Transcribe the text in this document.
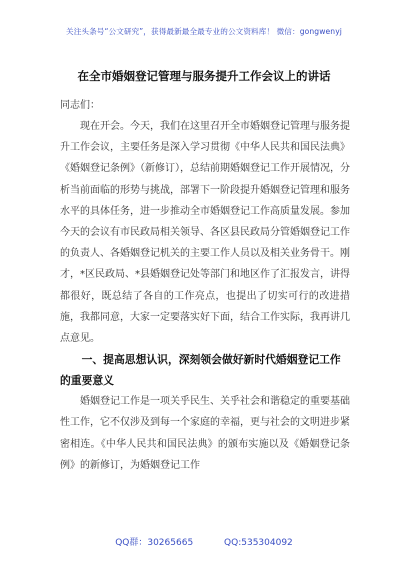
关注头条号“公文研究”，获得最新最全最专业的公文资料库！ 微信：gongwenyj
在全市婚姻登记管理与服务提升工作会议上的讲话
同志们：

现在开会。今天，我们在这里召开全市婚姻登记管理与服务提升工作会议，主要任务是深入学习贯彻《中华人民共和国民法典》《婚姻登记条例》（新修订），总结前期婚姻登记工作开展情况，分析当前面临的形势与挑战，部署下一阶段提升婚姻登记管理和服务水平的具体任务，进一步推动全市婚姻登记工作高质量发展。参加今天的会议有市民政局相关领导、各区县民政局分管婚姻登记工作的负责人、各婚姻登记机关的主要工作人员以及相关业务骨干。刚才，*区民政局、*县婚姻登记处等部门和地区作了汇报发言，讲得都很好，既总结了各自的工作亮点，也提出了切实可行的改进措施，我都同意，大家一定要落实好下面，结合工作实际，我再讲几点意见。

一、提高思想认识，深刻领会做好新时代婚姻登记工作的重要意义

婚姻登记工作是一项关乎民生、关乎社会和谐稳定的重要基础性工作，它不仅涉及到每一个家庭的幸福，更与社会的文明进步紧密相连。《中华人民共和国民法典》的颁布实施以及《婚姻登记条例》的新修订，为婚姻登记工作

QQ群：30265665	QQ:535304092
